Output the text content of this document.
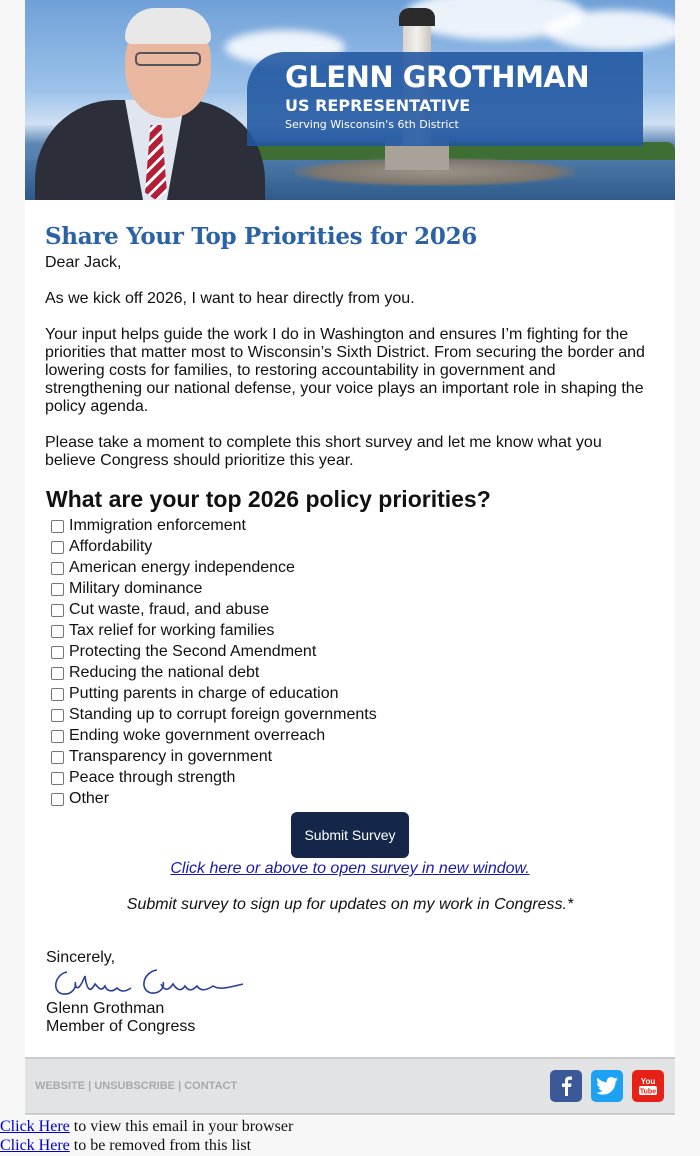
GLENN GROTHMAN
US REPRESENTATIVE
Serving Wisconsin's 6th District
Share Your Top Priorities for 2026
Dear Jack,
As we kick off 2026, I want to hear directly from you.
Your input helps guide the work I do in Washington and ensures I’m fighting for the priorities that matter most to Wisconsin’s Sixth District. From securing the border and lowering costs for families, to restoring accountability in government and strengthening our national defense, your voice plays an important role in shaping the policy agenda.
Please take a moment to complete this short survey and let me know what you believe Congress should prioritize this year.
What are your top 2026 policy priorities?
Immigration enforcement
Affordability
American energy independence
Military dominance
Cut waste, fraud, and abuse
Tax relief for working families
Protecting the Second Amendment
Reducing the national debt
Putting parents in charge of education
Standing up to corrupt foreign governments
Ending woke government overreach
Transparency in government
Peace through strength
Other
Submit Survey
Click here or above to open survey in new window.
Submit survey to sign up for updates on my work in Congress.*
Sincerely,
Glenn Grothman
Member of Congress
WEBSITE | UNSUBSCRIBE | CONTACT	You
Tube
Click Here to view this email in your browser
Click Here to be removed from this list
